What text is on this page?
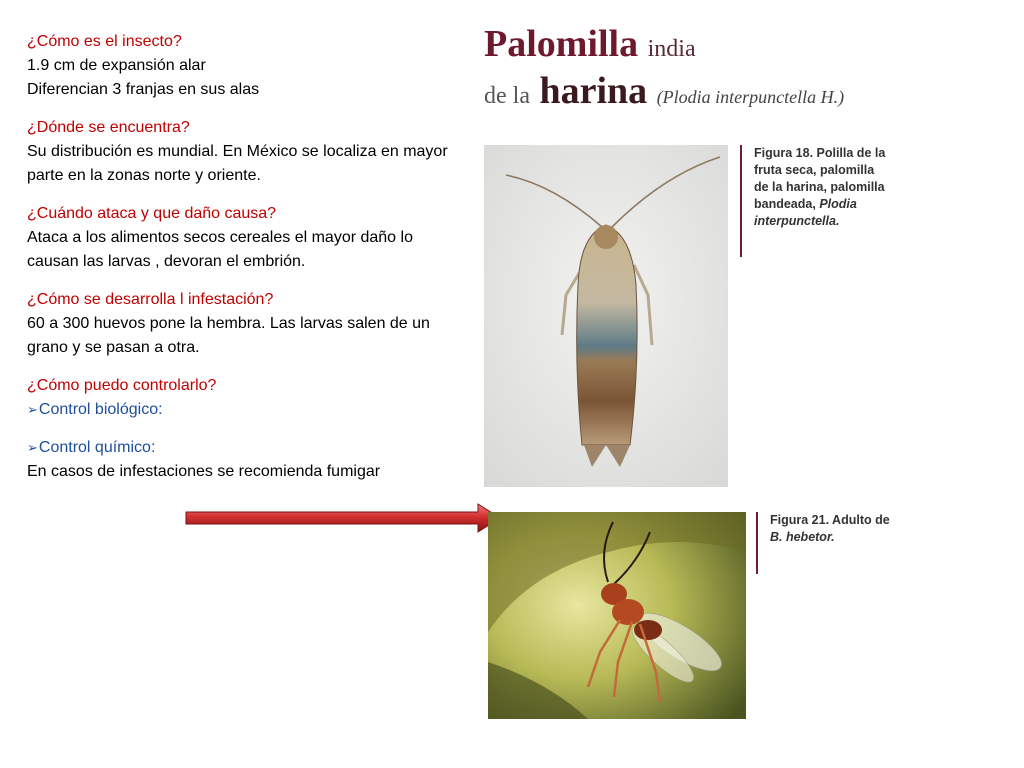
¿Cómo es el insecto?

1.9 cm de expansión alar

Diferencian 3 franjas en sus alas

¿Dónde se encuentra?

Su distribución es mundial. En México se localiza en mayor parte en la zonas norte y oriente.

¿Cuándo ataca y que daño causa?

Ataca a los alimentos secos cereales el mayor daño lo causan las larvas , devoran el embrión.

¿Cómo se desarrolla l infestación?

60 a 300 huevos pone la hembra. Las larvas salen de un grano y se pasan a otra.

¿Cómo puedo controlarlo?

➢Control biológico:

➢Control químico:

En casos de infestaciones se recomienda fumigar

Palomilla india
de la harina (Plodia interpunctella H.)
Figura 18. Polilla de la
fruta seca, palomilla
de la harina, palomilla
bandeada, Plodia
interpunctella.
Figura 21. Adulto de
B. hebetor.
